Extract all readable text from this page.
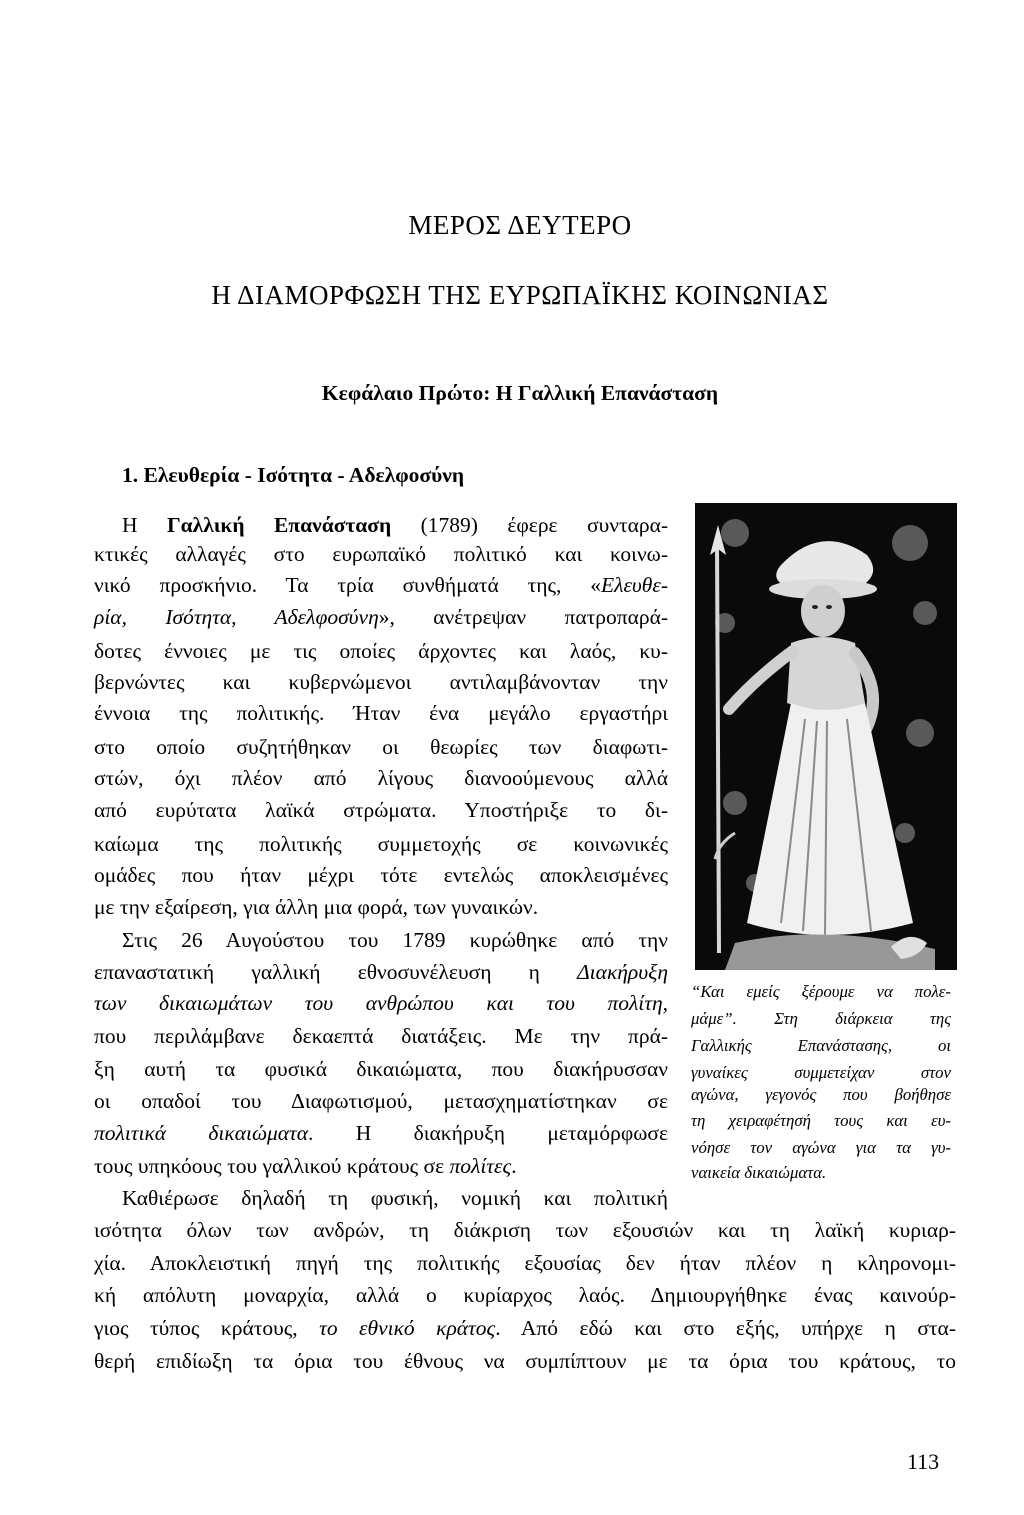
ΜΕΡΟΣ ΔΕΥΤΕΡΟ
Η ΔΙΑΜΟΡΦΩΣΗ ΤΗΣ ΕΥΡΩΠΑΪΚΗΣ ΚΟΙΝΩΝΙΑΣ
Κεφάλαιο Πρώτο: Η Γαλλική Επανάσταση
1. Ελευθερία - Ισότητα - Αδελφοσύνη
Η Γαλλική Επανάσταση (1789) έφερε συνταρα-
κτικές αλλαγές στο ευρωπαϊκό πολιτικό και κοινω-
νικό προσκήνιο. Τα τρία συνθήματά της, «Ελευθε-
ρία, Ισότητα, Αδελφοσύνη», ανέτρεψαν πατροπαρά-
δοτες έννοιες με τις οποίες άρχοντες και λαός, κυ-
βερνώντες και κυβερνώμενοι αντιλαμβάνονταν την
έννοια της πολιτικής. Ήταν ένα μεγάλο εργαστήρι
στο οποίο συζητήθηκαν οι θεωρίες των διαφωτι-
στών, όχι πλέον από λίγους διανοούμενους αλλά
από ευρύτατα λαϊκά στρώματα. Υποστήριξε το δι-
καίωμα της πολιτικής συμμετοχής σε κοινωνικές
ομάδες που ήταν μέχρι τότε εντελώς αποκλεισμένες
με την εξαίρεση, για άλλη μια φορά, των γυναικών.
Στις 26 Αυγούστου του 1789 κυρώθηκε από την
επαναστατική γαλλική εθνοσυνέλευση η Διακήρυξη
των δικαιωμάτων του ανθρώπου και του πολίτη,
που περιλάμβανε δεκαεπτά διατάξεις. Με την πρά-
ξη αυτή τα φυσικά δικαιώματα, που διακήρυσσαν
οι οπαδοί του Διαφωτισμού, μετασχηματίστηκαν σε
πολιτικά δικαιώματα. Η διακήρυξη μεταμόρφωσε
τους υπηκόους του γαλλικού κράτους σε πολίτες.
Καθιέρωσε δηλαδή τη φυσική, νομική και πολιτική
ισότητα όλων των ανδρών, τη διάκριση των εξουσιών και τη λαϊκή κυριαρ-
χία. Αποκλειστική πηγή της πολιτικής εξουσίας δεν ήταν πλέον η κληρονομι-
κή απόλυτη μοναρχία, αλλά ο κυρίαρχος λαός. Δημιουργήθηκε ένας καινούρ-
γιος τύπος κράτους, το εθνικό κράτος. Από εδώ και στο εξής, υπήρχε η στα-
θερή επιδίωξη τα όρια του έθνους να συμπίπτουν με τα όρια του κράτους, το
“Και εμείς ξέρουμε να πολε-
μάμε”. Στη διάρκεια της
Γαλλικής Επανάστασης, οι
γυναίκες συμμετείχαν στον
αγώνα, γεγονός που βοήθησε
τη χειραφέτησή τους και ευ-
νόησε τον αγώνα για τα γυ-
ναικεία δικαιώματα.
113
